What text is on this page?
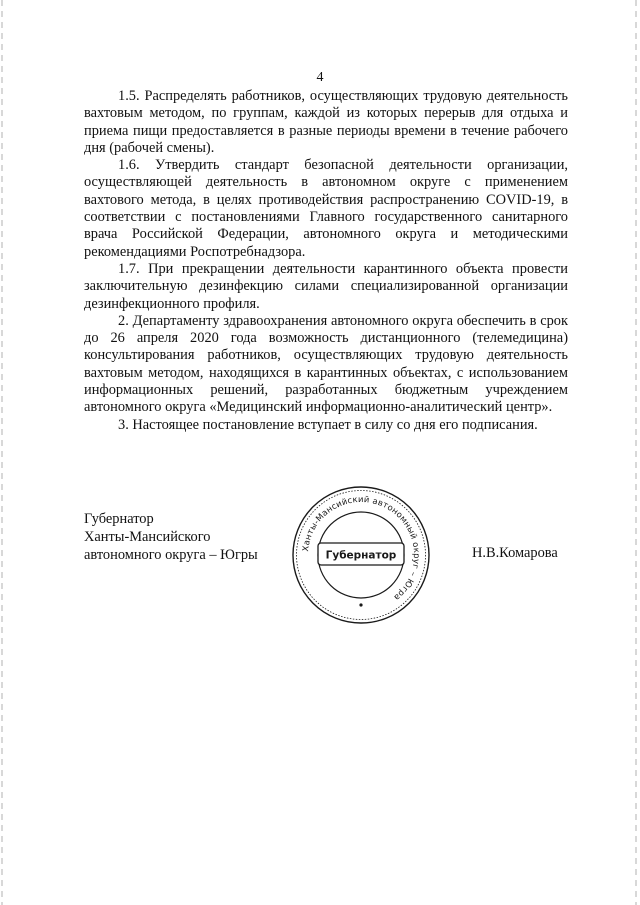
4

1.5. Распределять работников, осуществляющих трудовую деятельность вахтовым методом, по группам, каждой из которых перерыв для отдыха и приема пищи предоставляется в разные периоды времени в течение рабочего дня (рабочей смены).

1.6. Утвердить стандарт безопасной деятельности организации, осуществляющей деятельность в автономном округе с применением вахтового метода, в целях противодействия распространению COVID-19, в соответствии с постановлениями Главного государственного санитарного врача Российской Федерации, автономного округа и методическими рекомендациями Роспотребнадзора.

1.7. При прекращении деятельности карантинного объекта провести заключительную дезинфекцию силами специализированной организации дезинфекционного профиля.

2. Департаменту здравоохранения автономного округа обеспечить в срок до 26 апреля 2020 года возможность дистанционного (телемедицина) консультирования работников, осуществляющих трудовую деятельность вахтовым методом, находящихся в карантинных объектах, с использованием информационных решений, разработанных бюджетным учреждением автономного округа «Медицинский информационно-аналитический центр».

3. Настоящее постановление вступает в силу со дня его подписания.

Губернатор
Ханты-Мансийского
автономного округа – Югры	Ханты-Мансийский автономный округ – Югра
Губернатор	Н.В.Комарова
